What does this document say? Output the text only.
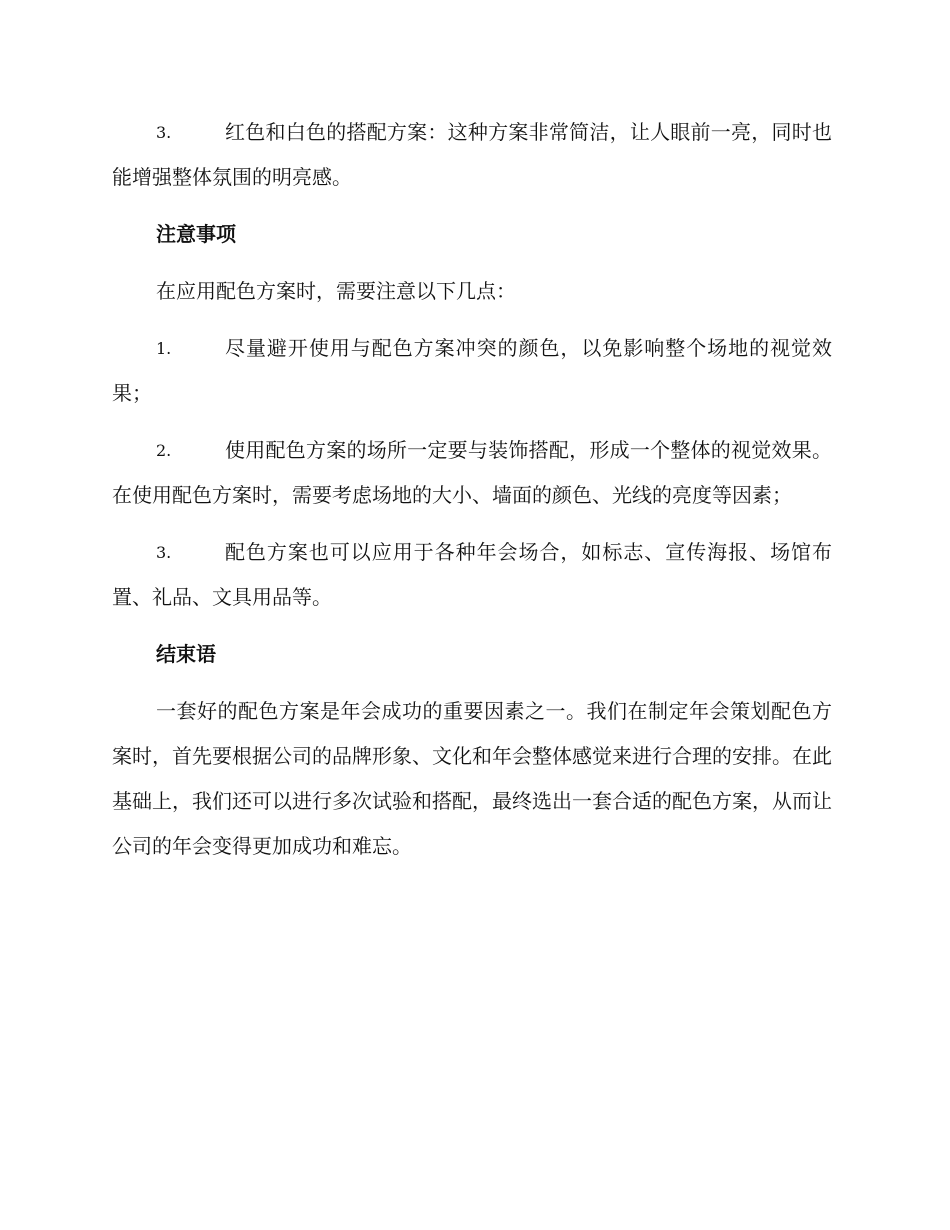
3.	红色和白色的搭配方案：这种方案非常简洁，让人眼前一亮，同时也能增强整体氛围的明亮感。
注意事项

在应用配色方案时，需要注意以下几点：

1.	尽量避开使用与配色方案冲突的颜色，以免影响整个场地的视觉效果；
2.	使用配色方案的场所一定要与装饰搭配，形成一个整体的视觉效果。在使用配色方案时，需要考虑场地的大小、墙面的颜色、光线的亮度等因素；
3.	配色方案也可以应用于各种年会场合，如标志、宣传海报、场馆布置、礼品、文具用品等。
结束语

一套好的配色方案是年会成功的重要因素之一。我们在制定年会策划配色方案时，首先要根据公司的品牌形象、文化和年会整体感觉来进行合理的安排。在此基础上，我们还可以进行多次试验和搭配，最终选出一套合适的配色方案，从而让公司的年会变得更加成功和难忘。
